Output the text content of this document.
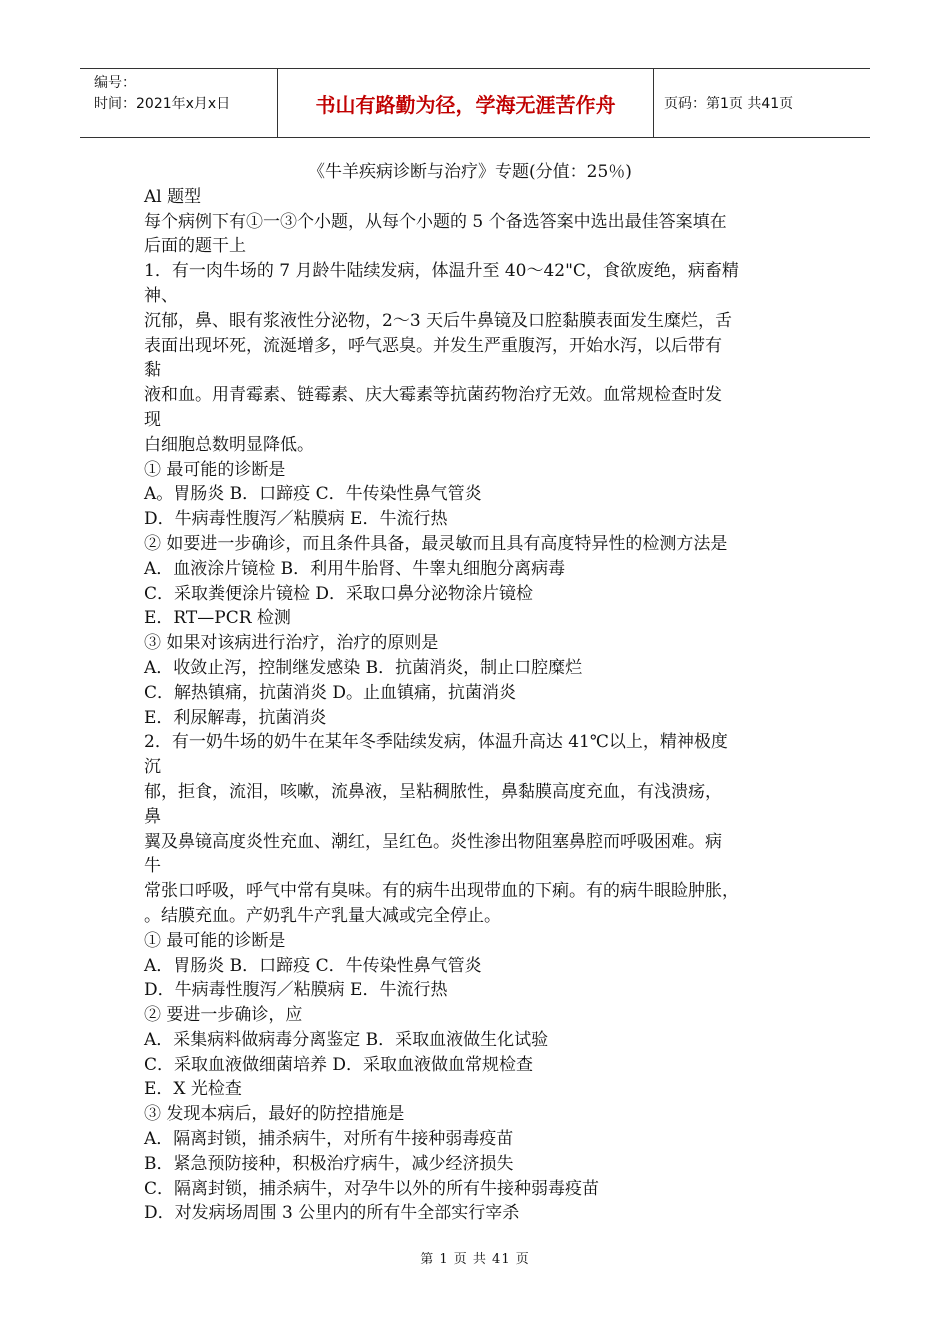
编号：
时间：2021年x月x日	书山有路勤为径，学海无涯苦作舟	页码：第1页 共41页
《牛羊疾病诊断与治疗》专题(分值：25％)
Al 题型
每个病例下有①一③个小题，从每个小题的 5 个备选答案中选出最佳答案填在
后面的题干上
1．有一肉牛场的 7 月龄牛陆续发病，体温升至 40～42"C，食欲废绝，病畜精
神、
沉郁，鼻、眼有浆液性分泌物，2～3 天后牛鼻镜及口腔黏膜表面发生糜烂，舌
表面出现坏死，流涎增多，呼气恶臭。并发生严重腹泻，开始水泻，以后带有
黏
液和血。用青霉素、链霉素、庆大霉素等抗菌药物治疗无效。血常规检查时发
现
白细胞总数明显降低。
① 最可能的诊断是
A。胃肠炎 B．口蹄疫 C．牛传染性鼻气管炎
D．牛病毒性腹泻／粘膜病 E．牛流行热
② 如要进一步确诊，而且条件具备，最灵敏而且具有高度特异性的检测方法是
A．血液涂片镜检 B．利用牛胎肾、牛睾丸细胞分离病毒
C．采取粪便涂片镜检 D．采取口鼻分泌物涂片镜检
E．RT—PCR 检测
③ 如果对该病进行治疗，治疗的原则是
A．收敛止泻，控制继发感染 B．抗菌消炎，制止口腔糜烂
C．解热镇痛，抗菌消炎 D。止血镇痛，抗菌消炎
E．利尿解毒，抗菌消炎
2．有一奶牛场的奶牛在某年冬季陆续发病，体温升高达 41℃以上，精神极度
沉
郁，拒食，流泪，咳嗽，流鼻液，呈粘稠脓性，鼻黏膜高度充血，有浅溃疡，
鼻
翼及鼻镜高度炎性充血、潮红，呈红色。炎性渗出物阻塞鼻腔而呼吸困难。病
牛
常张口呼吸，呼气中常有臭味。有的病牛出现带血的下痢。有的病牛眼睑肿胀，
。结膜充血。产奶乳牛产乳量大减或完全停止。
① 最可能的诊断是
A．胃肠炎 B．口蹄疫 C．牛传染性鼻气管炎
D．牛病毒性腹泻／粘膜病 E．牛流行热
② 要进一步确诊，应
A．采集病料做病毒分离鉴定 B．采取血液做生化试验
C．采取血液做细菌培养 D．采取血液做血常规检查
E．X 光检查
③ 发现本病后，最好的防控措施是
A．隔离封锁，捕杀病牛，对所有牛接种弱毒疫苗
B．紧急预防接种，积极治疗病牛，减少经济损失
C．隔离封锁，捕杀病牛，对孕牛以外的所有牛接种弱毒疫苗
D．对发病场周围 3 公里内的所有牛全部实行宰杀
第 1 页 共 41 页
